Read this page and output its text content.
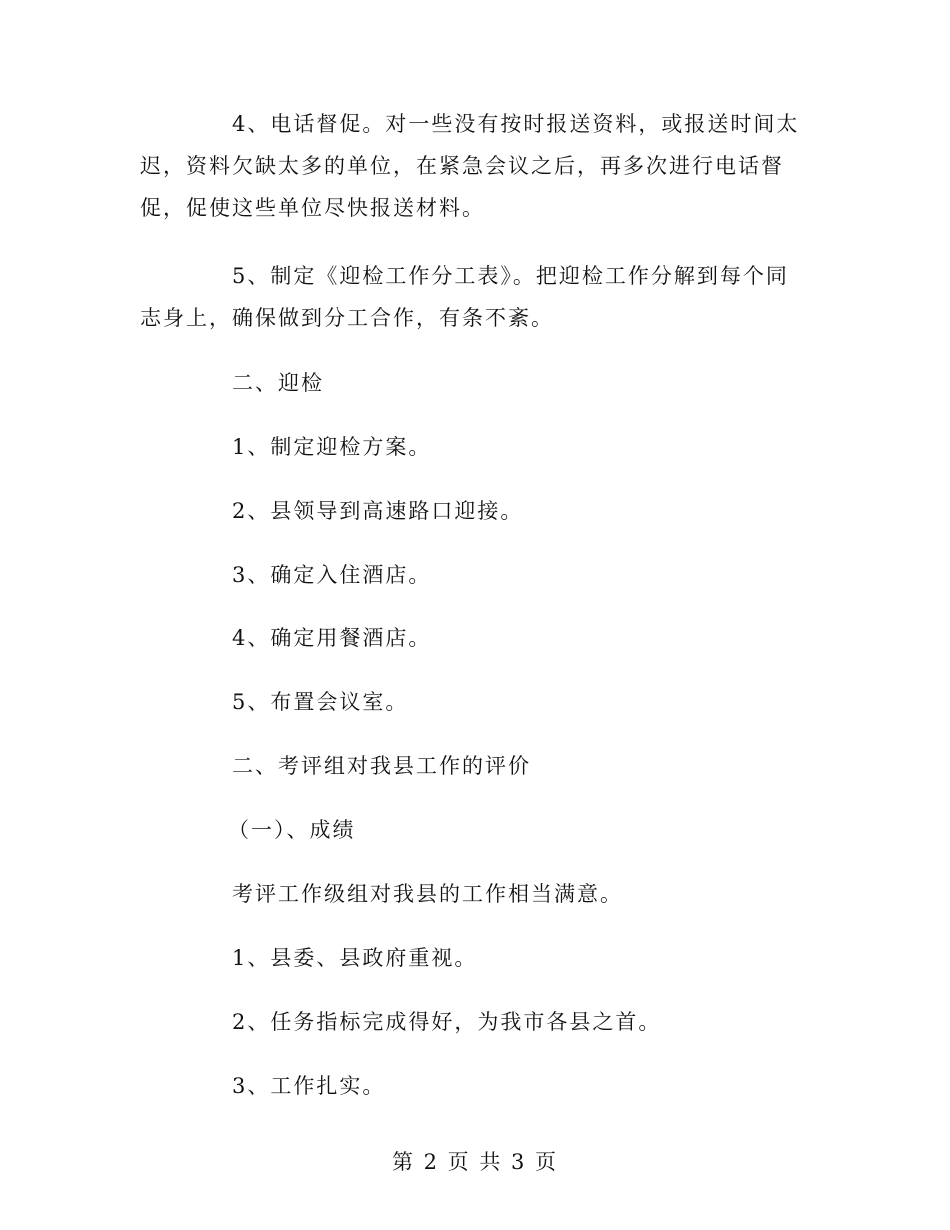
4、电话督促。对一些没有按时报送资料，或报送时间太迟，资料欠缺太多的单位，在紧急会议之后，再多次进行电话督促，促使这些单位尽快报送材料。
5、制定《迎检工作分工表》。把迎检工作分解到每个同志身上，确保做到分工合作，有条不紊。
二、迎检
1、制定迎检方案。
2、县领导到高速路口迎接。
3、确定入住酒店。
4、确定用餐酒店。
5、布置会议室。
二、考评组对我县工作的评价
（一）、成绩
考评工作级组对我县的工作相当满意。
1、县委、县政府重视。
2、任务指标完成得好，为我市各县之首。
3、工作扎实。
第 2 页 共 3 页
